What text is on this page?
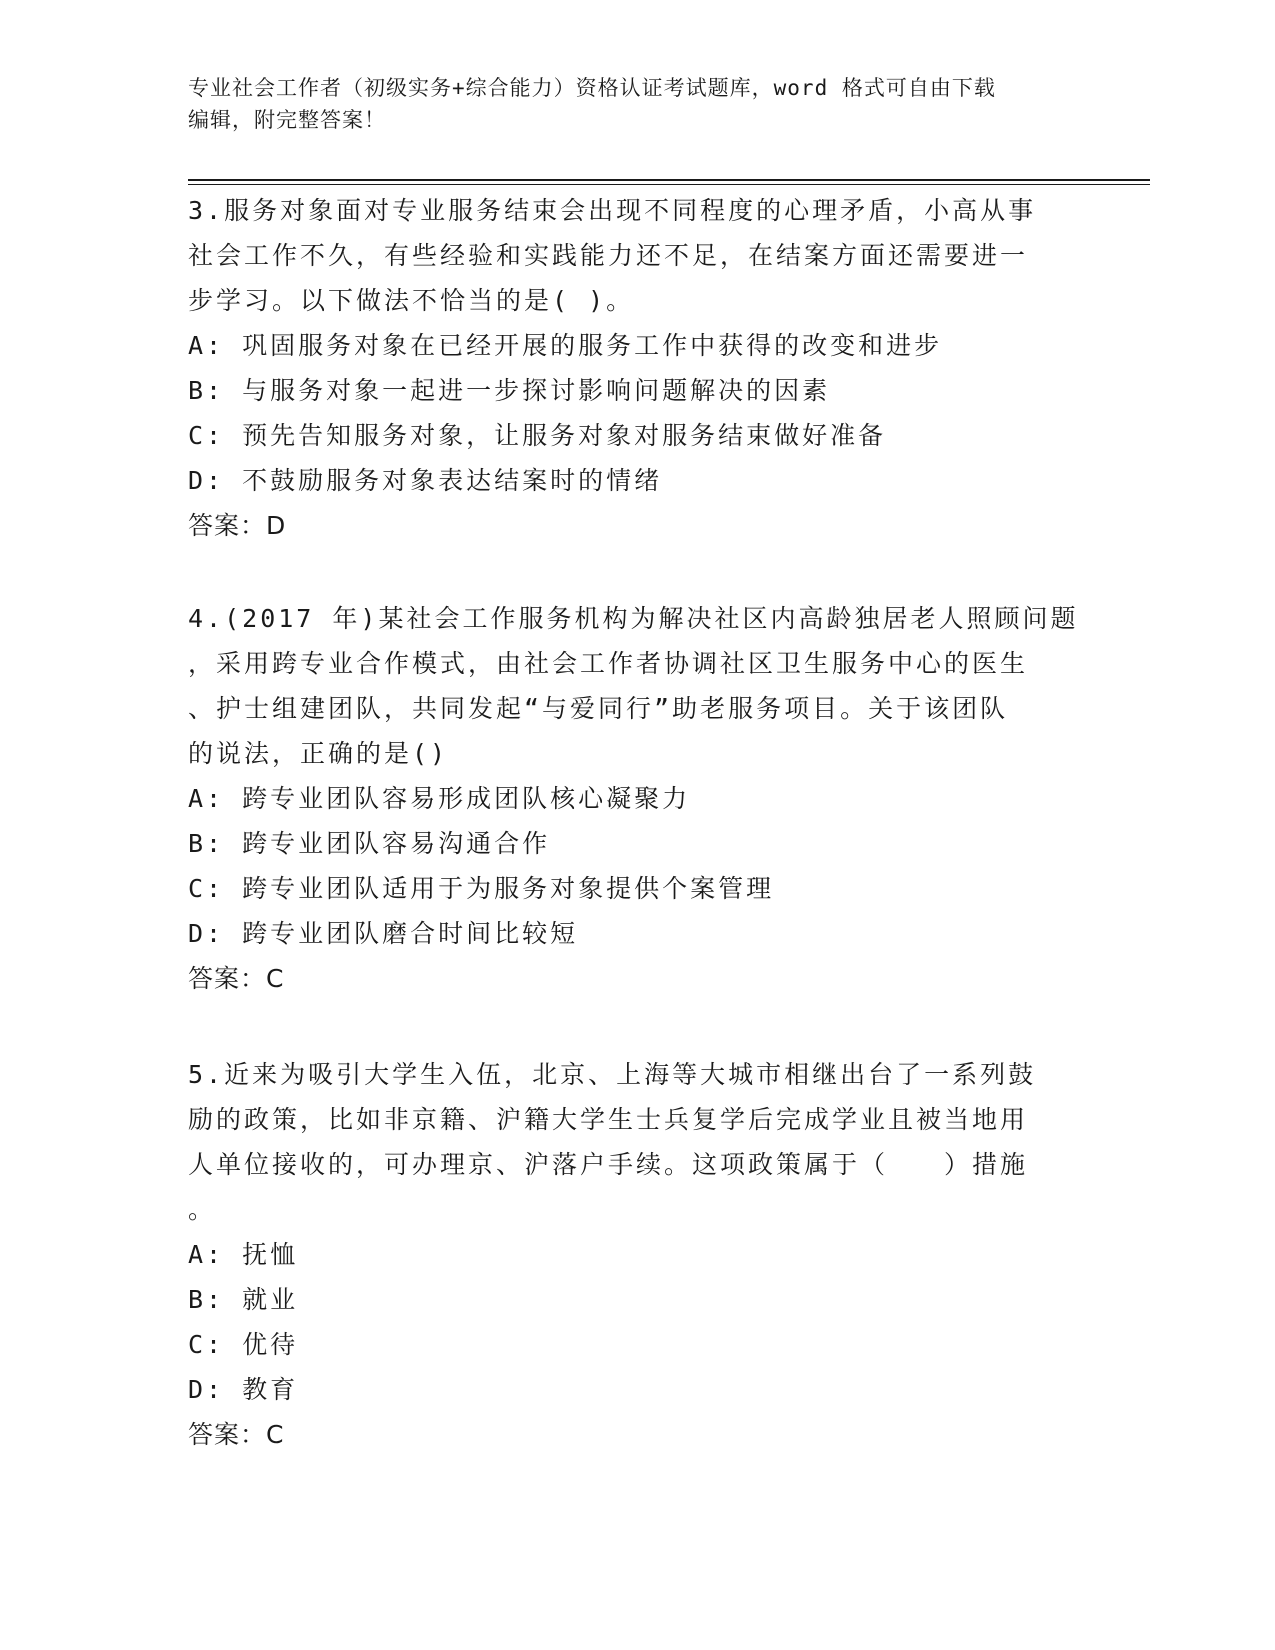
专业社会工作者（初级实务+综合能力）资格认证考试题库，word 格式可自由下载
编辑，附完整答案！

3.服务对象面对专业服务结束会出现不同程度的心理矛盾，小高从事
社会工作不久，有些经验和实践能力还不足，在结案方面还需要进一
步学习。以下做法不恰当的是( )。

A: 巩固服务对象在已经开展的服务工作中获得的改变和进步

B: 与服务对象一起进一步探讨影响问题解决的因素

C: 预先告知服务对象，让服务对象对服务结束做好准备

D: 不鼓励服务对象表达结案时的情绪

答案：D

4.(2017 年)某社会工作服务机构为解决社区内高龄独居老人照顾问题
，采用跨专业合作模式，由社会工作者协调社区卫生服务中心的医生
、护士组建团队，共同发起“与爱同行”助老服务项目。关于该团队
的说法，正确的是()

A: 跨专业团队容易形成团队核心凝聚力

B: 跨专业团队容易沟通合作

C: 跨专业团队适用于为服务对象提供个案管理

D: 跨专业团队磨合时间比较短

答案：C

5.近来为吸引大学生入伍，北京、上海等大城市相继出台了一系列鼓
励的政策，比如非京籍、沪籍大学生士兵复学后完成学业且被当地用
人单位接收的，可办理京、沪落户手续。这项政策属于（　　）措施
。

A: 抚恤

B: 就业

C: 优待

D: 教育

答案：C
